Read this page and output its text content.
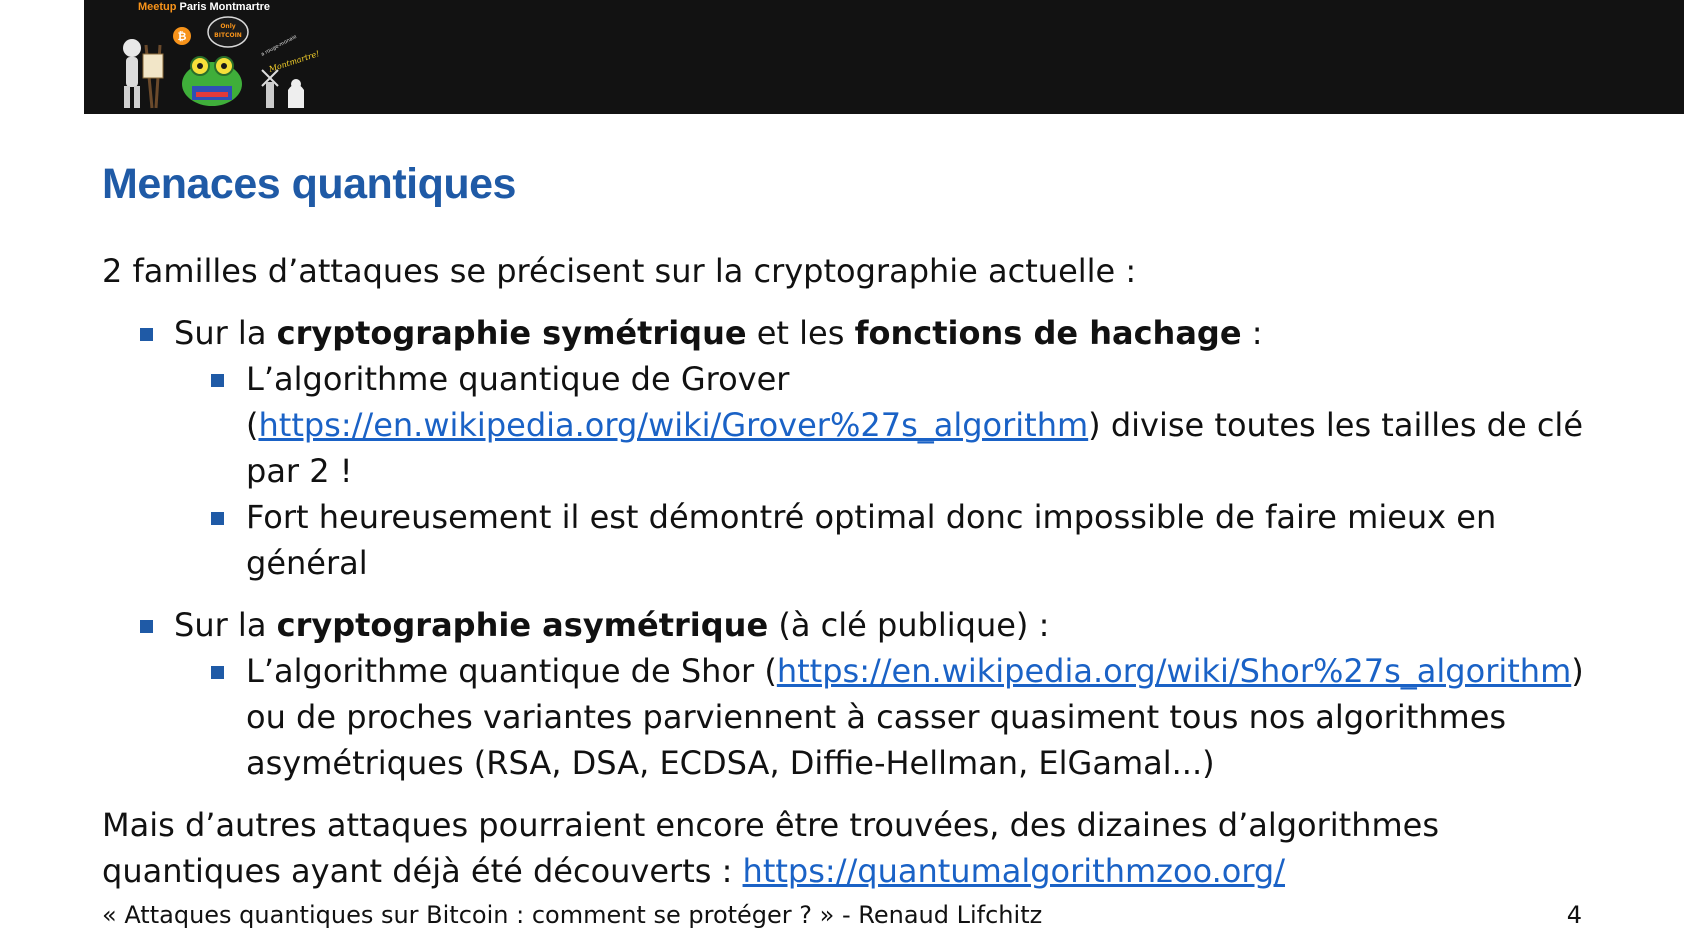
₿
Only
BITCOIN	a rouge-monaie
Montmartre!
Meetup Paris Montmartre
Menaces quantiques

2 familles d’attaques se précisent sur la cryptographie actuelle :

Sur la cryptographie symétrique et les fonctions de hachage :
L’algorithme quantique de Grover (https://en.wikipedia.org/wiki/Grover%27s_algorithm) divise toutes les tailles de clé par 2 !
Fort heureusement il est démontré optimal donc impossible de faire mieux en général
Sur la cryptographie asymétrique (à clé publique) :
L’algorithme quantique de Shor (https://en.wikipedia.org/wiki/Shor%27s_algorithm) ou de proches variantes parviennent à casser quasiment tous nos algorithmes asymétriques (RSA, DSA, ECDSA, Diffie-Hellman, ElGamal...)

Mais d’autres attaques pourraient encore être trouvées, des dizaines d’algorithmes quantiques ayant déjà été découverts : https://quantumalgorithmzoo.org/

« Attaques quantiques sur Bitcoin : comment se protéger ? » - Renaud Lifchitz	4
